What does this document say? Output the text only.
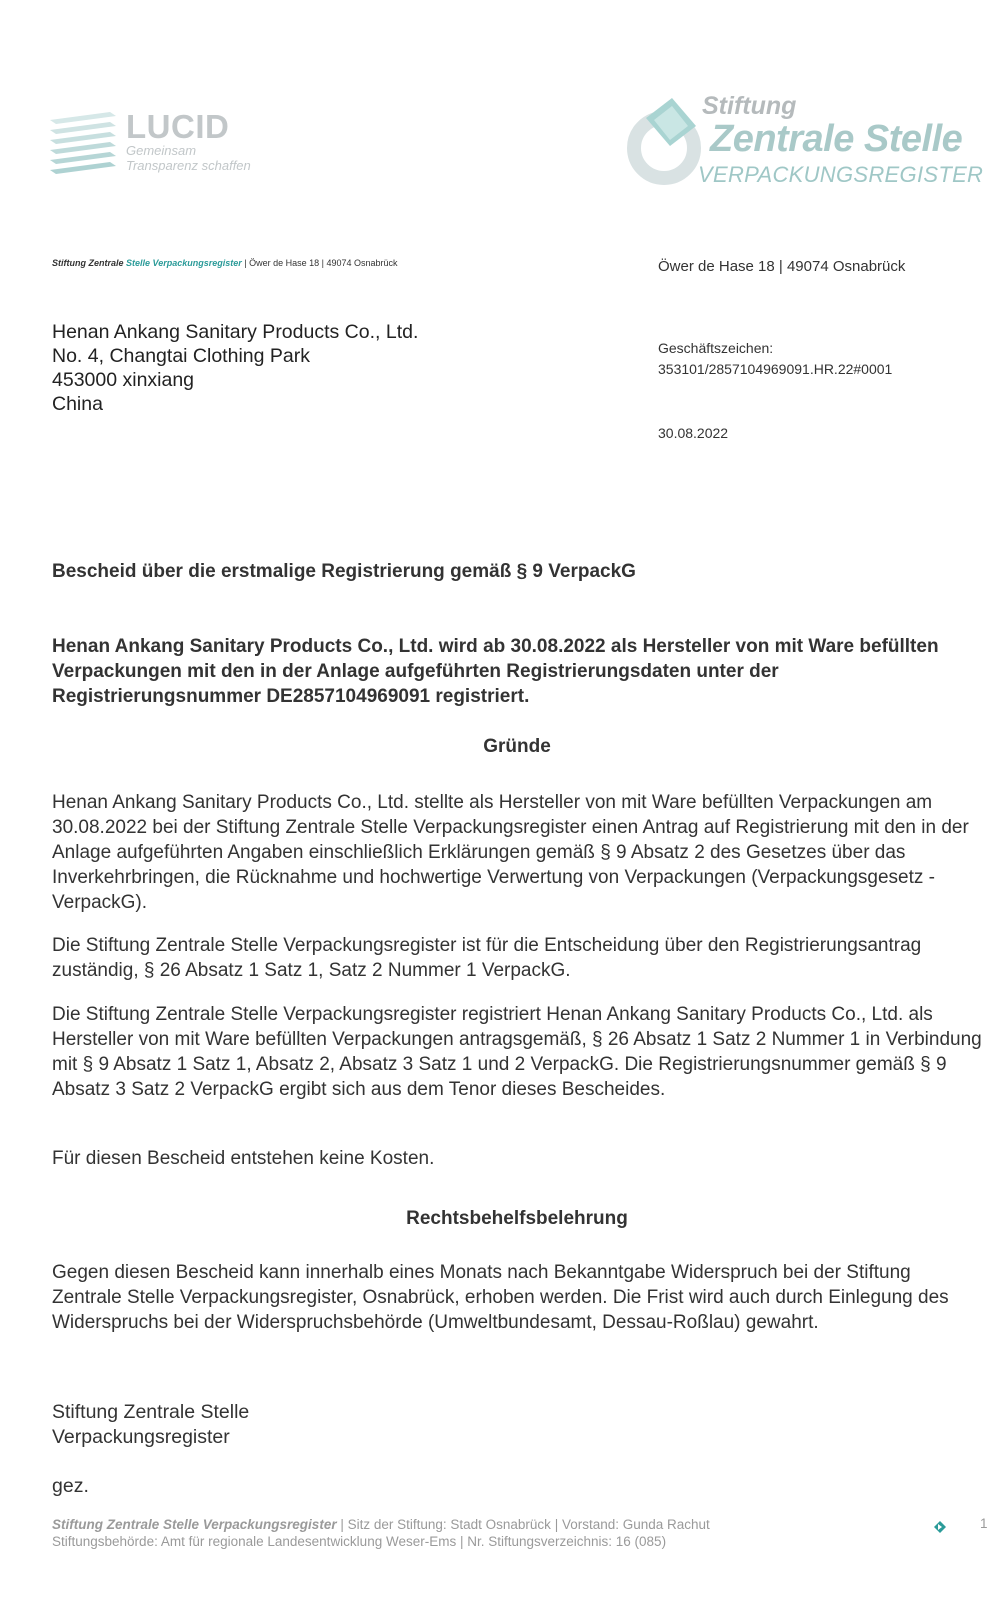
LUCID
Gemeinsam
Transparenz schaffen
Stiftung
Zentrale Stelle
VERPACKUNGSREGISTER
Stiftung Zentrale Stelle Verpackungsregister | Öwer de Hase 18 | 49074 Osnabrück	Öwer de Hase 18 | 49074 Osnabrück
Geschäftszeichen:
353101/2857104969091.HR.22#0001
30.08.2022
Henan Ankang Sanitary Products Co., Ltd.
No. 4, Changtai Clothing Park
453000 xinxiang
China
Bescheid über die erstmalige Registrierung gemäß § 9 VerpackG
Henan Ankang Sanitary Products Co., Ltd. wird ab 30.08.2022 als Hersteller von mit Ware befüllten Verpackungen mit den in der Anlage aufgeführten Registrierungsdaten unter der Registrierungsnummer DE2857104969091 registriert.
Gründe
Henan Ankang Sanitary Products Co., Ltd. stellte als Hersteller von mit Ware befüllten Verpackungen am 30.08.2022 bei der Stiftung Zentrale Stelle Verpackungsregister einen Antrag auf Registrierung mit den in der Anlage aufgeführten Angaben einschließlich Erklärungen gemäß § 9 Absatz 2 des Gesetzes über das Inverkehrbringen, die Rücknahme und hochwertige Verwertung von Verpackungen (Verpackungsgesetz - VerpackG).
Die Stiftung Zentrale Stelle Verpackungsregister ist für die Entscheidung über den Registrierungsantrag zuständig, § 26 Absatz 1 Satz 1, Satz 2 Nummer 1 VerpackG.
Die Stiftung Zentrale Stelle Verpackungsregister registriert Henan Ankang Sanitary Products Co., Ltd. als Hersteller von mit Ware befüllten Verpackungen antragsgemäß, § 26 Absatz 1 Satz 2 Nummer 1 in Verbindung mit § 9 Absatz 1 Satz 1, Absatz 2, Absatz 3 Satz 1 und 2 VerpackG. Die Registrierungsnummer gemäß § 9 Absatz 3 Satz 2 VerpackG ergibt sich aus dem Tenor dieses Bescheides.
Für diesen Bescheid entstehen keine Kosten.
Rechtsbehelfsbelehrung
Gegen diesen Bescheid kann innerhalb eines Monats nach Bekanntgabe Widerspruch bei der Stiftung Zentrale Stelle Verpackungsregister, Osnabrück, erhoben werden. Die Frist wird auch durch Einlegung des Widerspruchs bei der Widerspruchsbehörde (Umweltbundesamt, Dessau-Roßlau) gewahrt.
Stiftung Zentrale Stelle
Verpackungsregister
gez.
Stiftung Zentrale Stelle Verpackungsregister | Sitz der Stiftung: Stadt Osnabrück | Vorstand: Gunda Rachut
Stiftungsbehörde: Amt für regionale Landesentwicklung Weser-Ems | Nr. Stiftungsverzeichnis: 16 (085)
1
